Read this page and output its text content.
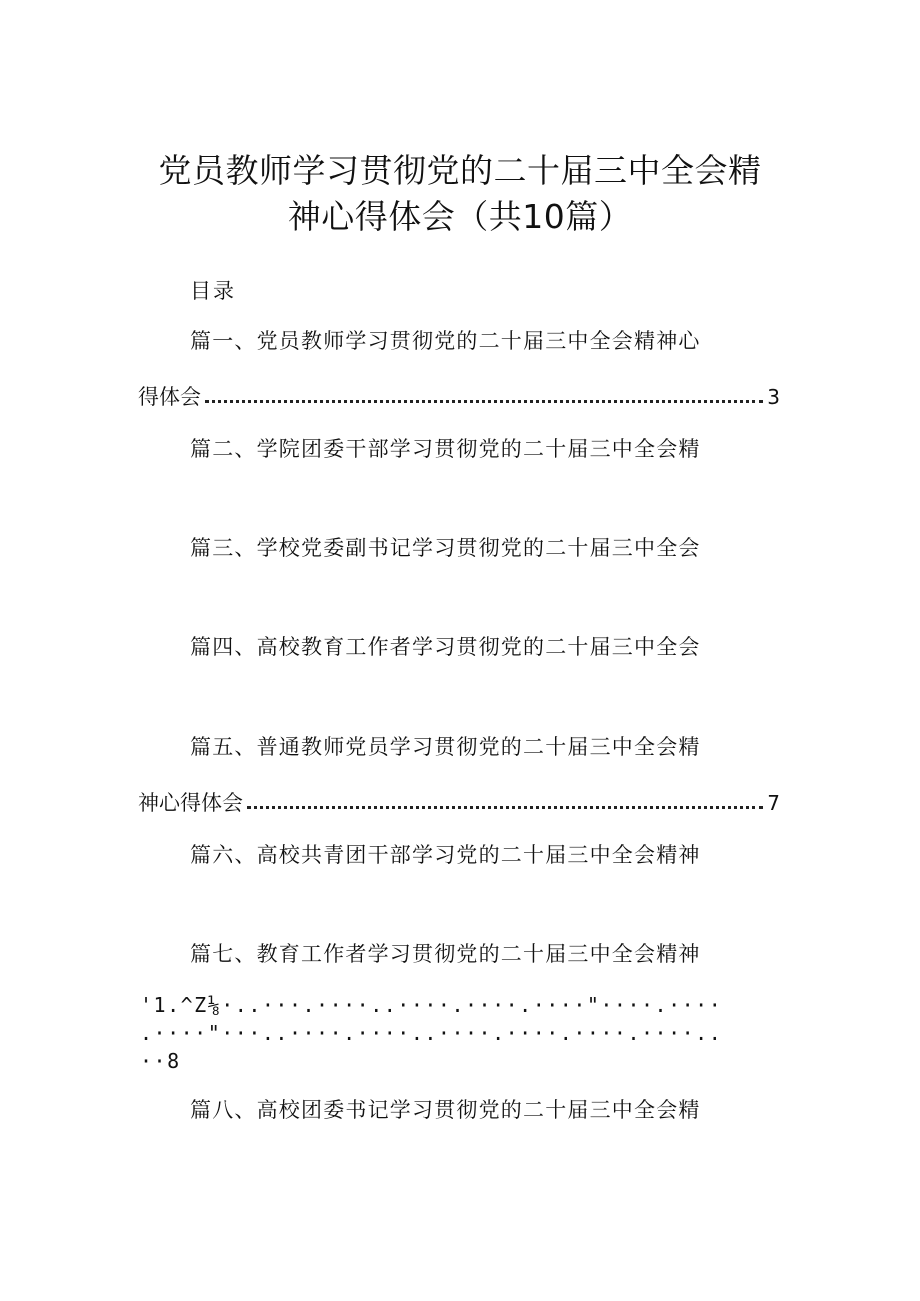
党员教师学习贯彻党的二十届三中全会精
神心得体会（共10篇）
目录
篇一、党员教师学习贯彻党的二十届三中全会精神心
得体会	3
篇二、学院团委干部学习贯彻党的二十届三中全会精
篇三、学校党委副书记学习贯彻党的二十届三中全会
篇四、高校教育工作者学习贯彻党的二十届三中全会
篇五、普通教师党员学习贯彻党的二十届三中全会精
神心得体会	7
篇六、高校共青团干部学习党的二十届三中全会精神
篇七、教育工作者学习贯彻党的二十届三中全会精神
'1.^Z⅛·..···.····..····.····.····"····.····
.····"···..····.····..····.····.····.····..
··8
篇八、高校团委书记学习贯彻党的二十届三中全会精
